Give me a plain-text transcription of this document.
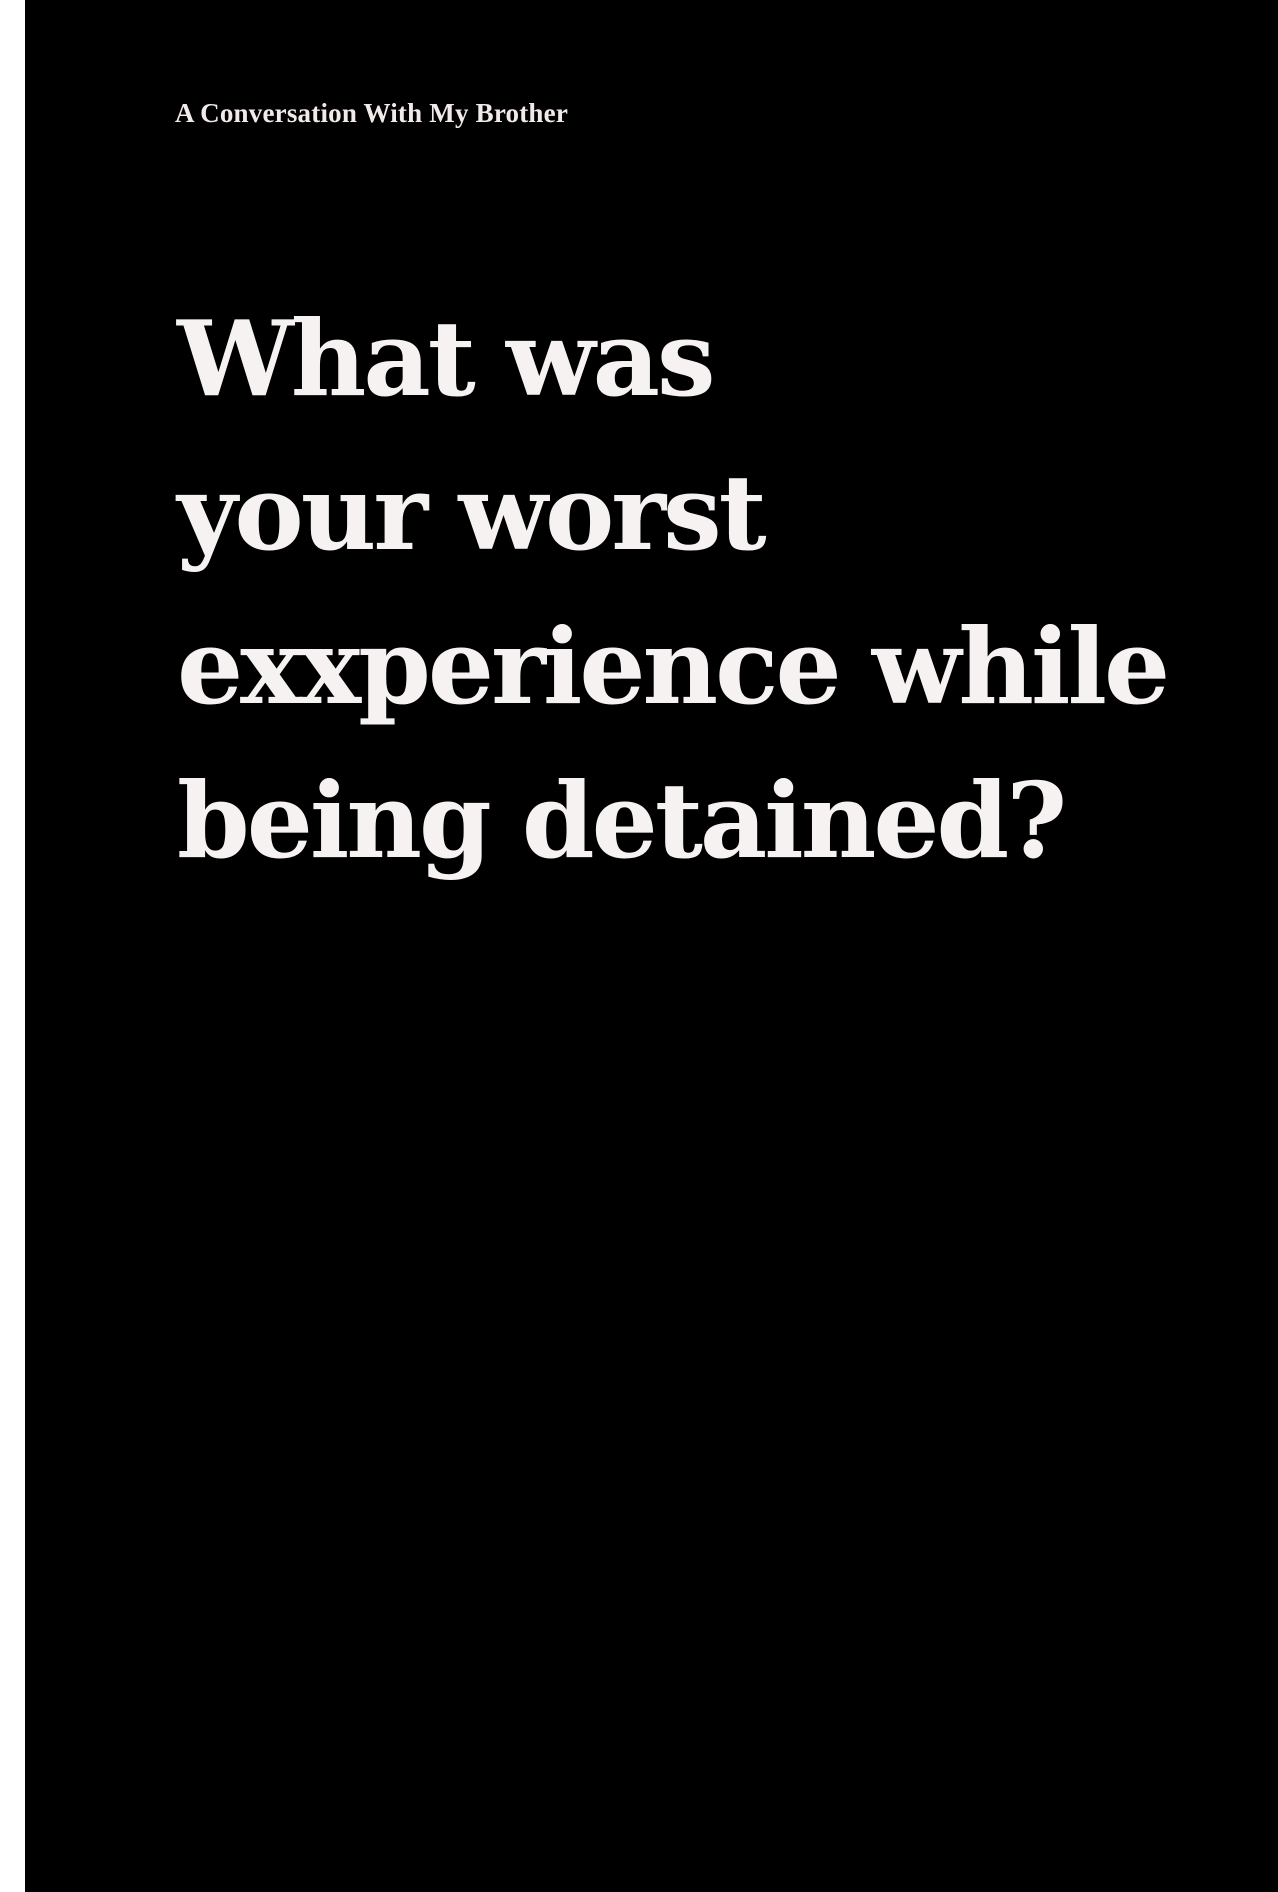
A Conversation With My Brother

What was
your worst
exxperience while
being detained?
